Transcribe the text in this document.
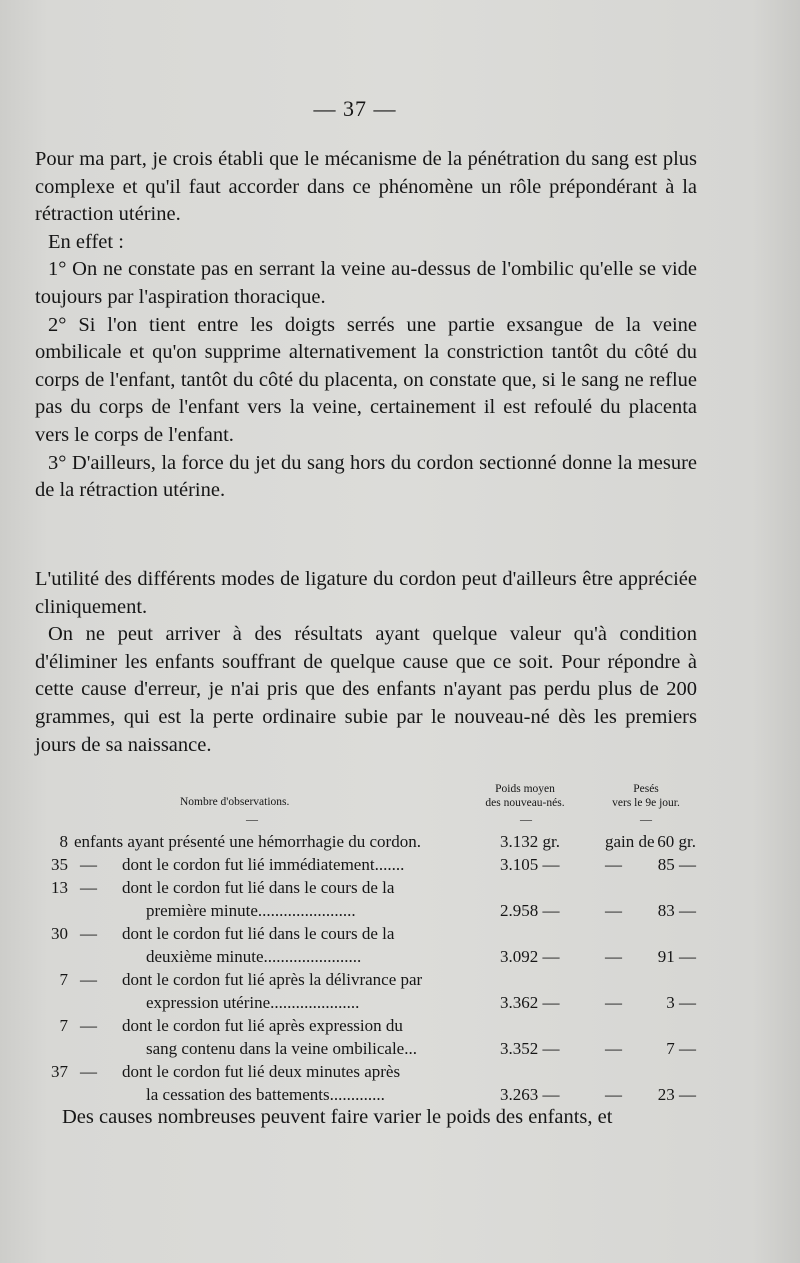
— 37 —

Pour ma part, je crois établi que le mécanisme de la pénétration du sang est plus complexe et qu'il faut accorder dans ce phénomène un rôle prépondérant à la rétraction utérine.

En effet :

1° On ne constate pas en serrant la veine au-dessus de l'ombilic qu'elle se vide toujours par l'aspiration thoracique.

2° Si l'on tient entre les doigts serrés une partie exsangue de la veine ombilicale et qu'on supprime alternativement la constriction tantôt du côté du corps de l'enfant, tantôt du côté du placenta, on constate que, si le sang ne reflue pas du corps de l'enfant vers la veine, certainement il est refoulé du placenta vers le corps de l'enfant.

3° D'ailleurs, la force du jet du sang hors du cordon sectionné donne la mesure de la rétraction utérine.

L'utilité des différents modes de ligature du cordon peut d'ailleurs être appréciée cliniquement.

On ne peut arriver à des résultats ayant quelque valeur qu'à condition d'éliminer les enfants souffrant de quelque cause que ce soit. Pour répondre à cette cause d'erreur, je n'ai pris que des enfants n'ayant pas perdu plus de 200 grammes, qui est la perte ordinaire subie par le nouveau-né dès les premiers jours de sa naissance.

Nombre d'observations.
Poids moyen
des nouveau-nés.
Pesés
vers le 9e jour.
—	—	—
8 enfants ayant présenté une hémorrhagie du cordon.	3.132 gr.	gain de 60 gr.
35 — dont le cordon fut lié immédiatement.......	3.105 —	— 85 —
13 — dont le cordon fut lié dans le cours de la
première minute.......................	2.958 —	— 83 —
30 — dont le cordon fut lié dans le cours de la
deuxième minute.......................	3.092 —	— 91 —
7 — dont le cordon fut lié après la délivrance par
expression utérine.....................	3.362 —	—	3 —
7 — dont le cordon fut lié après expression du
sang contenu dans la veine ombilicale...	3.352 —	—	7 —
37 — dont le cordon fut lié deux minutes après
la cessation des battements.............	3.263 —	— 23 —
Des causes nombreuses peuvent faire varier le poids des enfants, et
